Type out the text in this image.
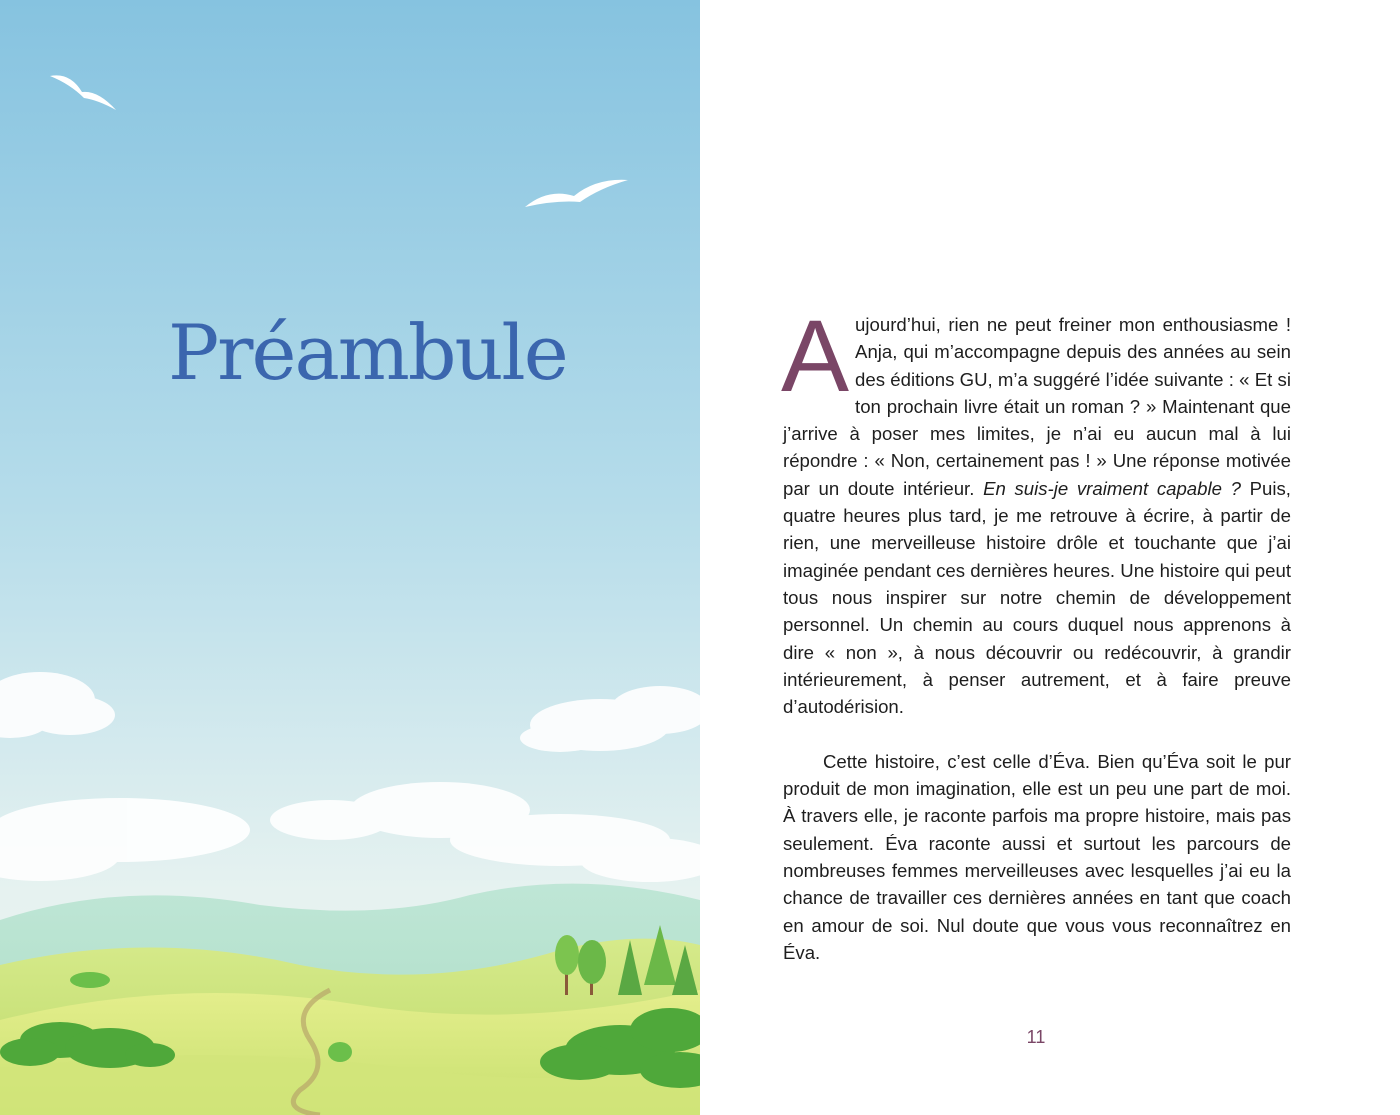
Préambule Aujourd’hui, rien ne peut freiner mon enthousiasme ! Anja, qui m’accompagne depuis des années au sein des éditions GU, m’a suggéré l’idée suivante : « Et si ton prochain livre était un roman ? » Maintenant que j’arrive à poser mes limites, je n’ai eu aucun mal à lui répondre : « Non, certainement pas ! » Une réponse motivée par un doute intérieur. En suis-je vraiment capable ? Puis, quatre heures plus tard, je me retrouve à écrire, à partir de rien, une merveilleuse histoire drôle et touchante que j’ai imaginée pendant ces dernières heures. Une histoire qui peut tous nous inspirer sur notre chemin de développement personnel. Un chemin au cours duquel nous apprenons à dire « non », à nous découvrir ou redécouvrir, à grandir intérieurement, à penser autrement, et à faire preuve d’autodérision.

Cette histoire, c’est celle d’Éva. Bien qu’Éva soit le pur produit de mon imagination, elle est un peu une part de moi. À travers elle, je raconte parfois ma propre histoire, mais pas seulement. Éva raconte aussi et surtout les parcours de nombreuses femmes merveilleuses avec lesquelles j’ai eu la chance de travailler ces dernières années en tant que coach en amour de soi. Nul doute que vous vous reconnaîtrez en Éva.

11
